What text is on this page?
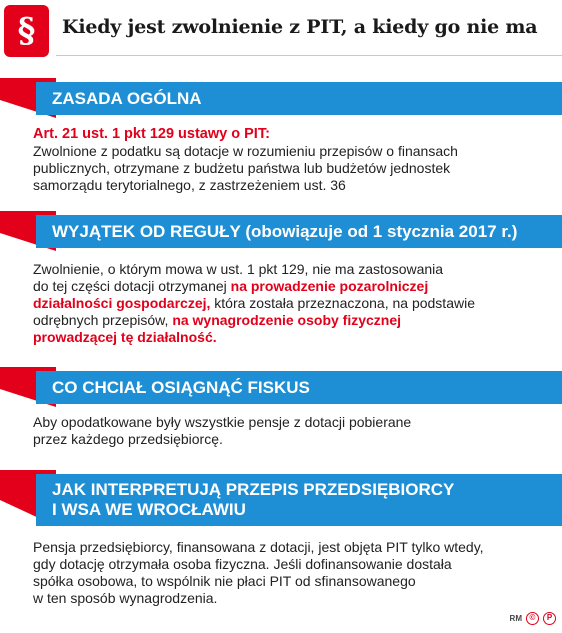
§	Kiedy jest zwolnienie z PIT, a kiedy go nie ma
ZASADA OGÓLNA
Art. 21 ust. 1 pkt 129 ustawy o PIT:
Zwolnione z podatku są dotacje w rozumieniu przepisów o finansach
publicznych, otrzymane z budżetu państwa lub budżetów jednostek
samorządu terytorialnego, z zastrzeżeniem ust. 36
WYJĄTEK OD REGUŁY (obowiązuje od 1 stycznia 2017 r.)
Zwolnienie, o którym mowa w ust. 1 pkt 129, nie ma zastosowania
do tej części dotacji otrzymanej na prowadzenie pozarolniczej
działalności gospodarczej, która została przeznaczona, na podstawie
odrębnych przepisów, na wynagrodzenie osoby fizycznej
prowadzącej tę działalność.
CO CHCIAŁ OSIĄGNĄĆ FISKUS
Aby opodatkowane były wszystkie pensje z dotacji pobierane
przez każdego przedsiębiorcę.
JAK INTERPRETUJĄ PRZEPIS PRZEDSIĘBIORCY
I WSA WE WROCŁAWIU
Pensja przedsiębiorcy, finansowana z dotacji, jest objęta PIT tylko wtedy,
gdy dotację otrzymała osoba fizyczna. Jeśli dofinansowanie dostała
spółka osobowa, to wspólnik nie płaci PIT od sfinansowanego
w ten sposób wynagrodzenia.
RM ©	P
